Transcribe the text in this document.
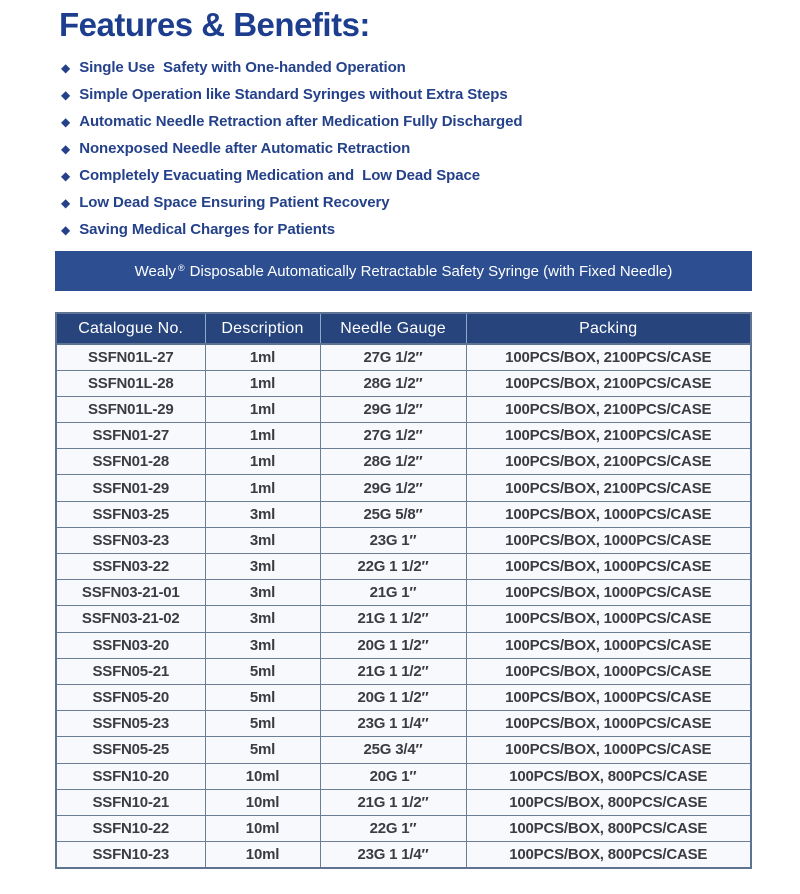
Features & Benefits:
◆ Single Use  Safety with One-handed Operation
◆ Simple Operation like Standard Syringes without Extra Steps
◆ Automatic Needle Retraction after Medication Fully Discharged
◆ Nonexposed Needle after Automatic Retraction
◆ Completely Evacuating Medication and  Low Dead Space
◆ Low Dead Space Ensuring Patient Recovery
◆ Saving Medical Charges for Patients
Wealy® Disposable Automatically Retractable Safety Syringe (with Fixed Needle)
Catalogue No.	Description	Needle Gauge	Packing
SSFN01L-27	1ml	27G 1/2″	100PCS/BOX, 2100PCS/CASE
SSFN01L-28	1ml	28G 1/2″	100PCS/BOX, 2100PCS/CASE
SSFN01L-29	1ml	29G 1/2″	100PCS/BOX, 2100PCS/CASE
SSFN01-27	1ml	27G 1/2″	100PCS/BOX, 2100PCS/CASE
SSFN01-28	1ml	28G 1/2″	100PCS/BOX, 2100PCS/CASE
SSFN01-29	1ml	29G 1/2″	100PCS/BOX, 2100PCS/CASE
SSFN03-25	3ml	25G 5/8″	100PCS/BOX, 1000PCS/CASE
SSFN03-23	3ml	23G 1″	100PCS/BOX, 1000PCS/CASE
SSFN03-22	3ml	22G 1 1/2″	100PCS/BOX, 1000PCS/CASE
SSFN03-21-01	3ml	21G 1″	100PCS/BOX, 1000PCS/CASE
SSFN03-21-02	3ml	21G 1 1/2″	100PCS/BOX, 1000PCS/CASE
SSFN03-20	3ml	20G 1 1/2″	100PCS/BOX, 1000PCS/CASE
SSFN05-21	5ml	21G 1 1/2″	100PCS/BOX, 1000PCS/CASE
SSFN05-20	5ml	20G 1 1/2″	100PCS/BOX, 1000PCS/CASE
SSFN05-23	5ml	23G 1 1/4″	100PCS/BOX, 1000PCS/CASE
SSFN05-25	5ml	25G 3/4″	100PCS/BOX, 1000PCS/CASE
SSFN10-20	10ml	20G 1″	100PCS/BOX, 800PCS/CASE
SSFN10-21	10ml	21G 1 1/2″	100PCS/BOX, 800PCS/CASE
SSFN10-22	10ml	22G 1″	100PCS/BOX, 800PCS/CASE
SSFN10-23	10ml	23G 1 1/4″	100PCS/BOX, 800PCS/CASE
